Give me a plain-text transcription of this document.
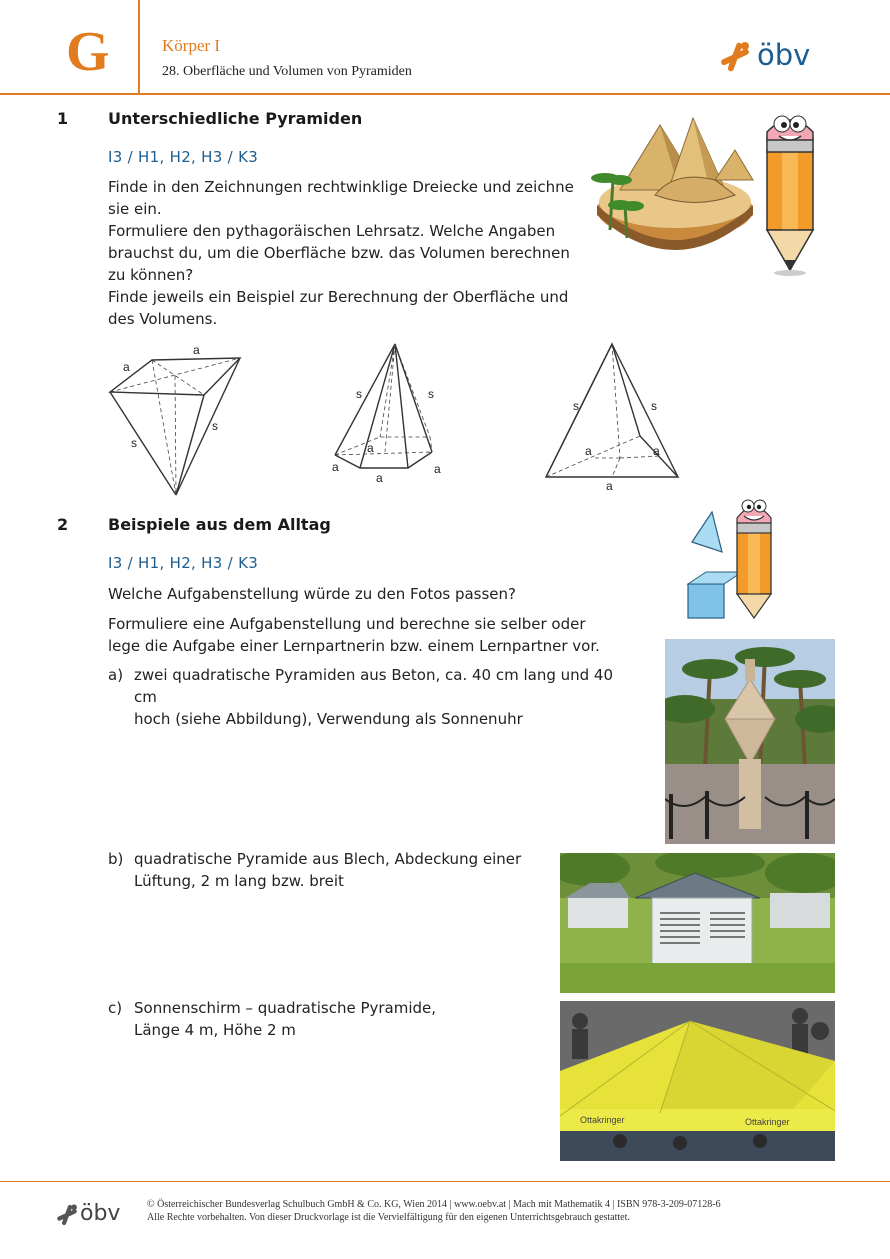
G	Körper I
28. Oberfläche und Volumen von Pyramiden	öbv
1 Unterschiedliche Pyramiden
I3 / H1, H2, H3 / K3
Finde in den Zeichnungen rechtwinklige Dreiecke und zeichne
sie ein.
Formuliere den pythagoräischen Lehrsatz. Welche Angaben
brauchst du, um die Oberfläche bzw. das Volumen berechnen
zu können?
Finde jeweils ein Beispiel zur Berechnung der Oberfläche und
des Volumens.
a
a
s
s
s	s
a
a
a
a
s	s
a	a
a
2 Beispiele aus dem Alltag
I3 / H1, H2, H3 / K3
Welche Aufgabenstellung würde zu den Fotos passen?
Formuliere eine Aufgabenstellung und berechne sie selber oder
lege die Aufgabe einer Lernpartnerin bzw. einem Lernpartner vor.
a) zwei quadratische Pyramiden aus Beton, ca. 40 cm lang und 40 cm
hoch (siehe Abbildung), Verwendung als Sonnenuhr
b) quadratische Pyramide aus Blech, Abdeckung einer
Lüftung, 2 m lang bzw. breit
c) Sonnenschirm – quadratische Pyramide,
Länge 4 m, Höhe 2 m
Ottakringer	Ottakringer
öbv	© Österreichischer Bundesverlag Schulbuch GmbH & Co. KG, Wien 2014 | www.oebv.at | Mach mit Mathematik 4 | ISBN 978-3-209-07128-6
Alle Rechte vorbehalten. Von dieser Druckvorlage ist die Vervielfältigung für den eigenen Unterrichtsgebrauch gestattet.
